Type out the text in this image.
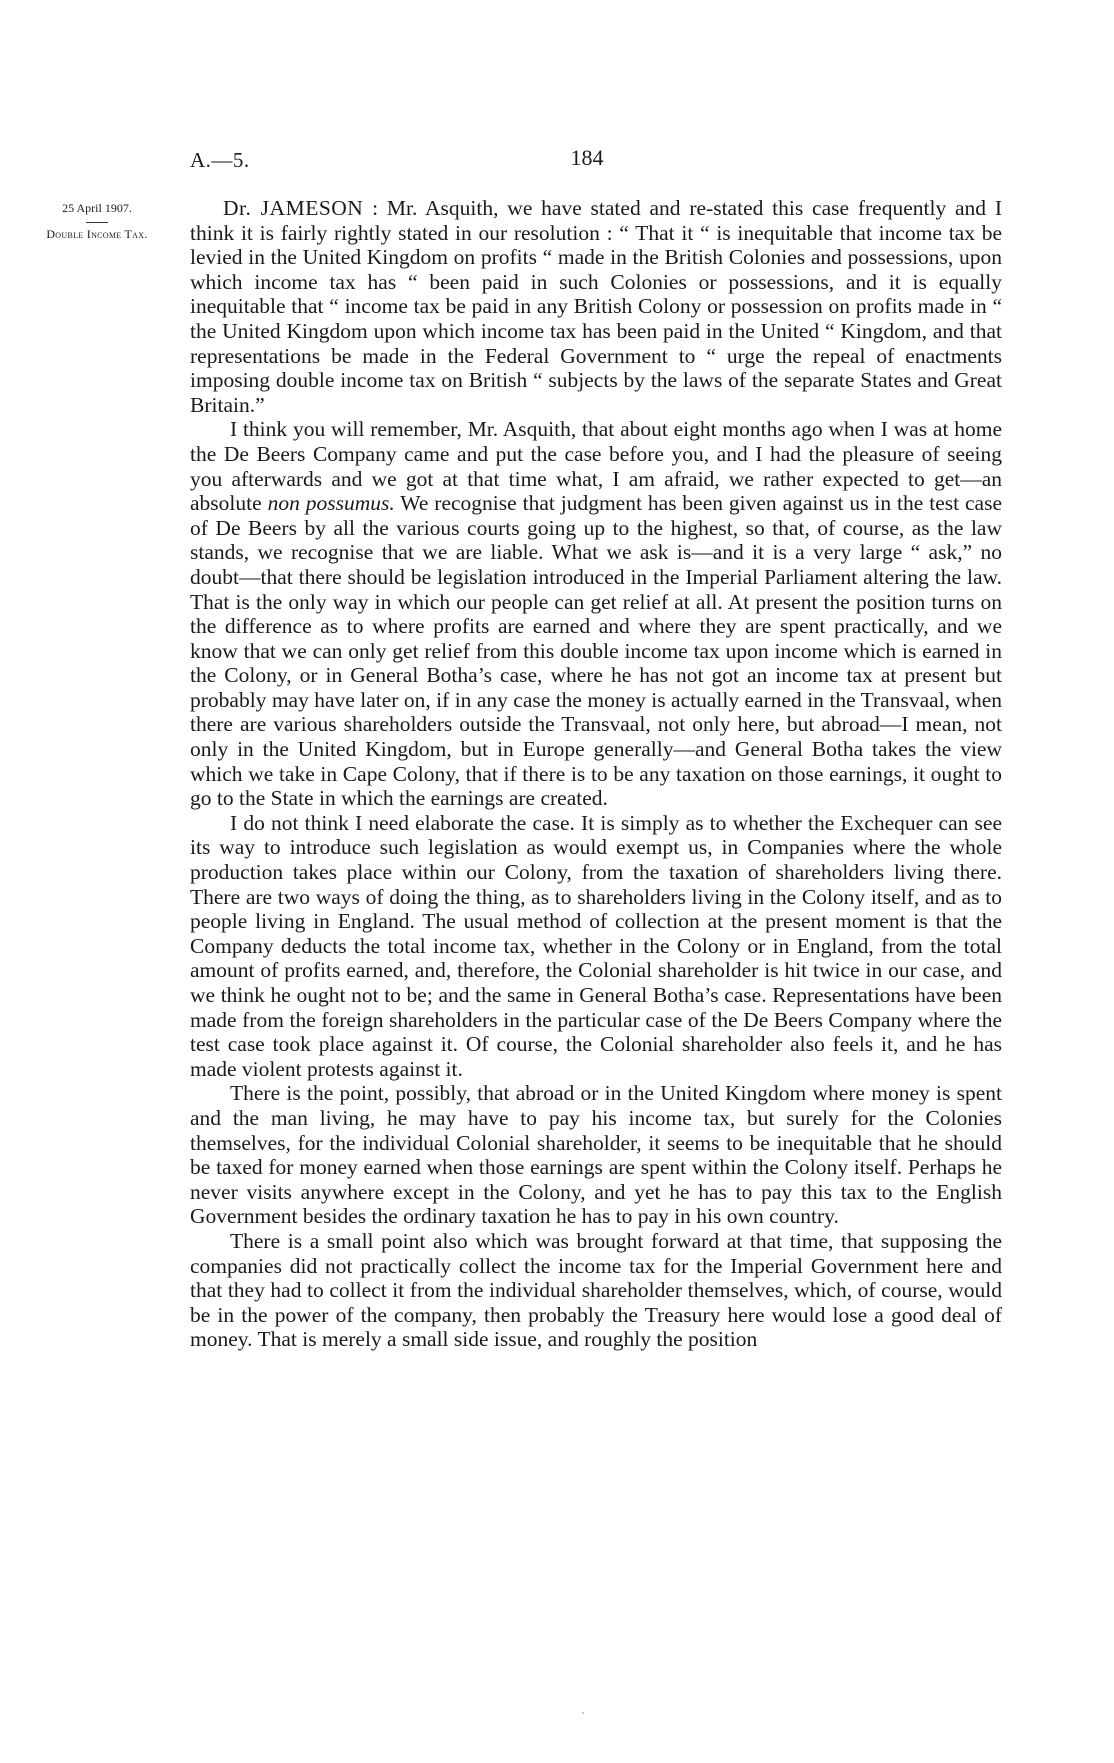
A.—5.	184
25 April 1907.
Double Income Tax.

Dr. JAMESON : Mr. Asquith, we have stated and re-stated this case frequently and I think it is fairly rightly stated in our resolution : “ That it “ is inequitable that income tax be levied in the United Kingdom on profits “ made in the British Colonies and possessions, upon which income tax has “ been paid in such Colonies or possessions, and it is equally inequitable that “ income tax be paid in any British Colony or possession on profits made in “ the United Kingdom upon which income tax has been paid in the United “ Kingdom, and that representations be made in the Federal Government to “ urge the repeal of enactments imposing double income tax on British “ subjects by the laws of the separate States and Great Britain.”

I think you will remember, Mr. Asquith, that about eight months ago when I was at home the De Beers Company came and put the case before you, and I had the pleasure of seeing you afterwards and we got at that time what, I am afraid, we rather expected to get—an absolute non possumus. We recognise that judgment has been given against us in the test case of De Beers by all the various courts going up to the highest, so that, of course, as the law stands, we recognise that we are liable. What we ask is—and it is a very large “ ask,” no doubt—that there should be legislation introduced in the Imperial Parliament altering the law. That is the only way in which our people can get relief at all. At present the position turns on the difference as to where profits are earned and where they are spent practically, and we know that we can only get relief from this double income tax upon income which is earned in the Colony, or in General Botha’s case, where he has not got an income tax at present but probably may have later on, if in any case the money is actually earned in the Transvaal, when there are various shareholders outside the Transvaal, not only here, but abroad—I mean, not only in the United Kingdom, but in Europe generally—and General Botha takes the view which we take in Cape Colony, that if there is to be any taxation on those earnings, it ought to go to the State in which the earnings are created.

I do not think I need elaborate the case. It is simply as to whether the Exchequer can see its way to introduce such legislation as would exempt us, in Companies where the whole production takes place within our Colony, from the taxation of shareholders living there. There are two ways of doing the thing, as to shareholders living in the Colony itself, and as to people living in England. The usual method of collection at the present moment is that the Company deducts the total income tax, whether in the Colony or in England, from the total amount of profits earned, and, therefore, the Colonial shareholder is hit twice in our case, and we think he ought not to be; and the same in General Botha’s case. Representations have been made from the foreign shareholders in the particular case of the De Beers Company where the test case took place against it. Of course, the Colonial shareholder also feels it, and he has made violent protests against it.

There is the point, possibly, that abroad or in the United Kingdom where money is spent and the man living, he may have to pay his income tax, but surely for the Colonies themselves, for the individual Colonial shareholder, it seems to be inequitable that he should be taxed for money earned when those earnings are spent within the Colony itself. Perhaps he never visits anywhere except in the Colony, and yet he has to pay this tax to the English Government besides the ordinary taxation he has to pay in his own country.

There is a small point also which was brought forward at that time, that supposing the companies did not practically collect the income tax for the Imperial Government here and that they had to collect it from the individual shareholder themselves, which, of course, would be in the power of the company, then probably the Treasury here would lose a good deal of money. That is merely a small side issue, and roughly the position
